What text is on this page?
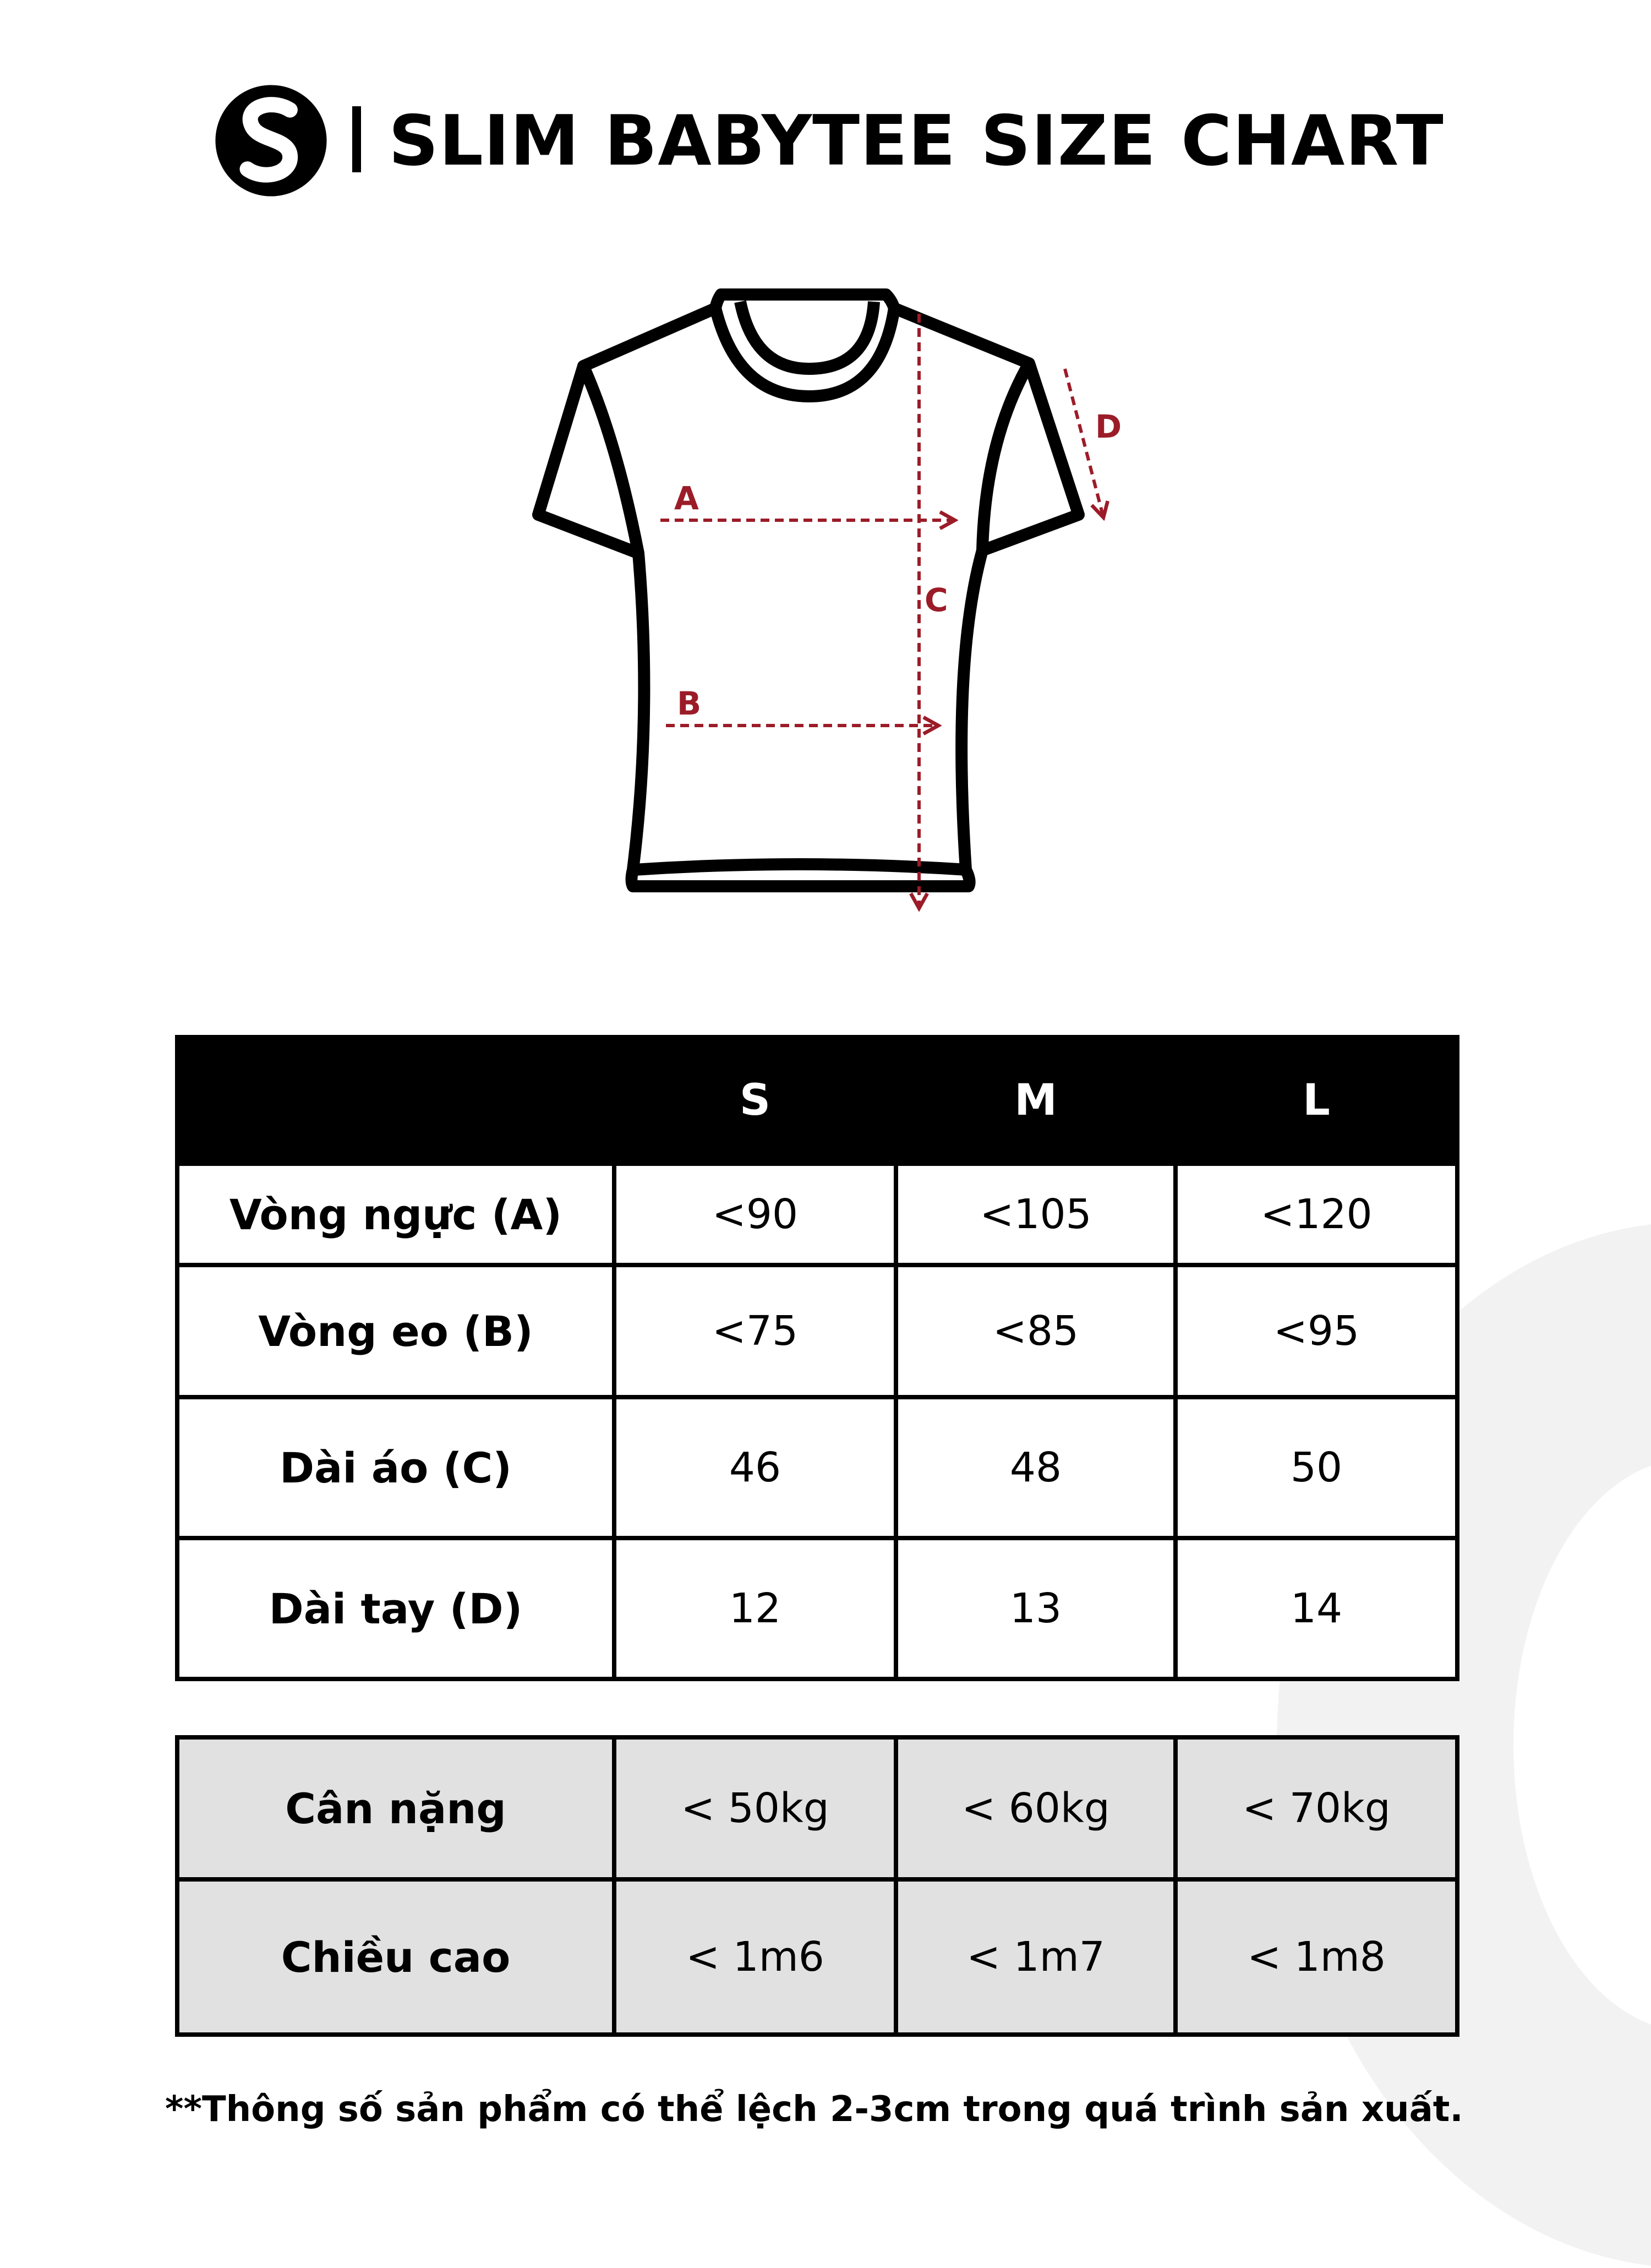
SLIM BABYTEE SIZE CHART
A
B
C
D
	S	M	L
Vòng ngực (A)	<90	<105	<120
Vòng eo (B)	<75	<85	<95
Dài áo (C)	46	48	50
Dài tay (D)	12	13	14
Cân nặng	< 50kg	< 60kg	< 70kg
Chiều cao	< 1m6	< 1m7	< 1m8
**Thông số sản phẩm có thể lệch 2-3cm trong quá trình sản xuất.
